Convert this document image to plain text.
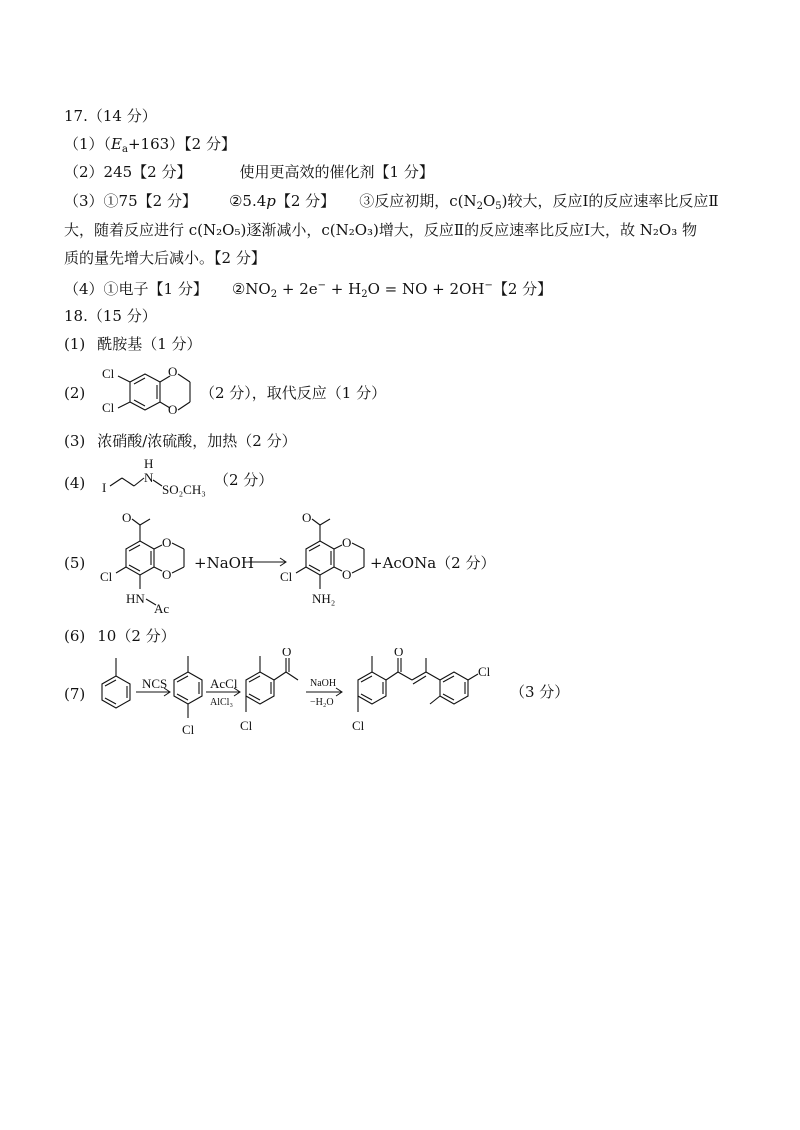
17.（14 分）
$(1)(E_a+163)$【2 分】
（2）245【2 分】	使用更高效的催化剂【1 分】
（3）①75【2 分】 ②5.4p【2 分】 ③反应初期，$c(N_2O_5)$较大，反应Ⅰ的反应速率比反应Ⅱ
大，随着反应进行 c(N₂O₅)逐渐减小，c(N₂O₃)增大，反应Ⅱ的反应速率比反应Ⅰ大，故 N₂O₃ 物
质的量先增大后减小。【2 分】
（4）①电子【1 分】 $②NO_2 + 2e^- + H_2O$ = NO + 2OH−【2 分】
18.（15 分）
(1) 酰胺基（1 分）
(2)
Cl
Cl
O
O
（2 分），取代反应（1 分）
(3) 浓硝酸/浓硫酸，加热（2 分）
(4) I
H
N
SO₂CH₃
（2 分）
(5)
O
O
O
Cl
HN
Ac
+NaOH
O
O
O
Cl
NH₂
+AcONa（2 分）
(6) 10（2 分）
(7)
NCS
Cl
AcCl
AlCl₃
O
Cl
NaOH
−H₂O
Cl
O
Cl
（3 分）
